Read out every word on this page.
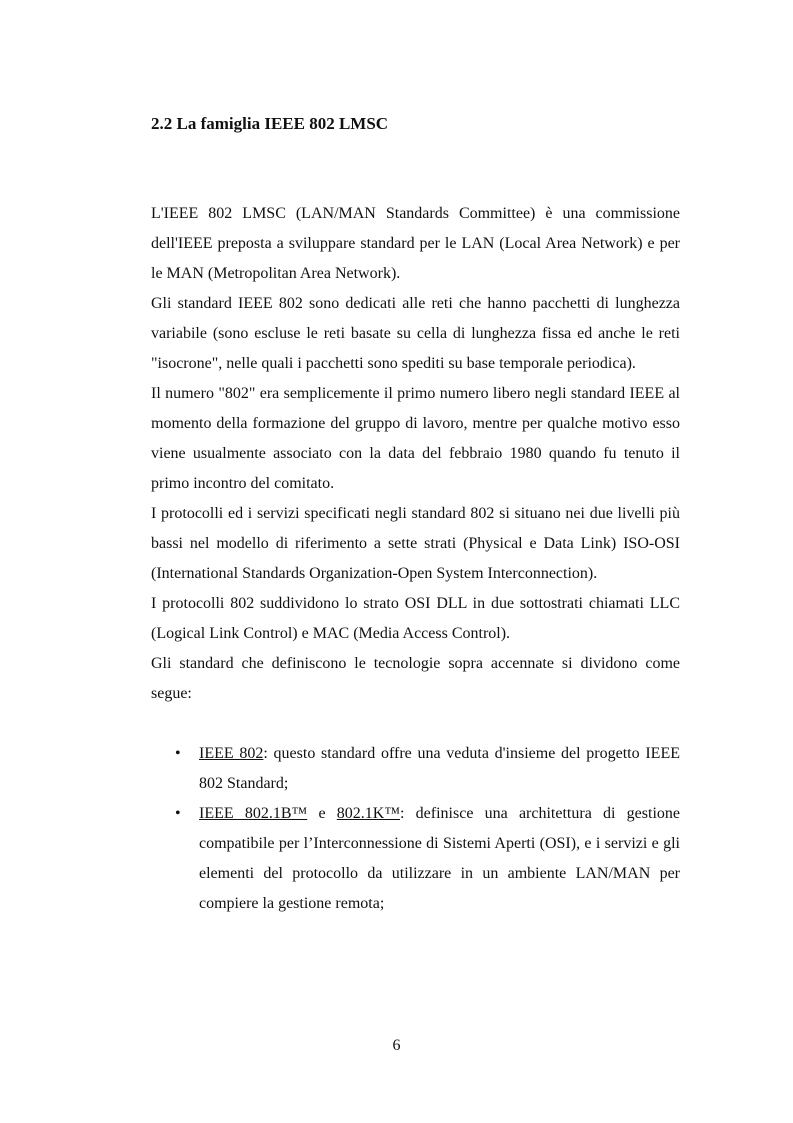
2.2 La famiglia IEEE 802 LMSC

L'IEEE 802 LMSC (LAN/MAN Standards Committee) è una commissione dell'IEEE preposta a sviluppare standard per le LAN (Local Area Network) e per le MAN (Metropolitan Area Network).

Gli standard IEEE 802 sono dedicati alle reti che hanno pacchetti di lunghezza variabile (sono escluse le reti basate su cella di lunghezza fissa ed anche le reti "isocrone", nelle quali i pacchetti sono spediti su base temporale periodica).

Il numero "802" era semplicemente il primo numero libero negli standard IEEE al momento della formazione del gruppo di lavoro, mentre per qualche motivo esso viene usualmente associato con la data del febbraio 1980 quando fu tenuto il primo incontro del comitato.

I protocolli ed i servizi specificati negli standard 802 si situano nei due livelli più bassi nel modello di riferimento a sette strati (Physical e Data Link) ISO-OSI (International Standards Organization-Open System Interconnection).

I protocolli 802 suddividono lo strato OSI DLL in due sottostrati chiamati LLC (Logical Link Control) e MAC (Media Access Control).

Gli standard che definiscono le tecnologie sopra accennate si dividono come segue:

• IEEE 802: questo standard offre una veduta d'insieme del progetto IEEE 802 Standard;
• IEEE 802.1B™ e 802.1K™: definisce una architettura di gestione compatibile per l’Interconnessione di Sistemi Aperti (OSI), e i servizi e gli elementi del protocollo da utilizzare in un ambiente LAN/MAN per compiere la gestione remota;
6
